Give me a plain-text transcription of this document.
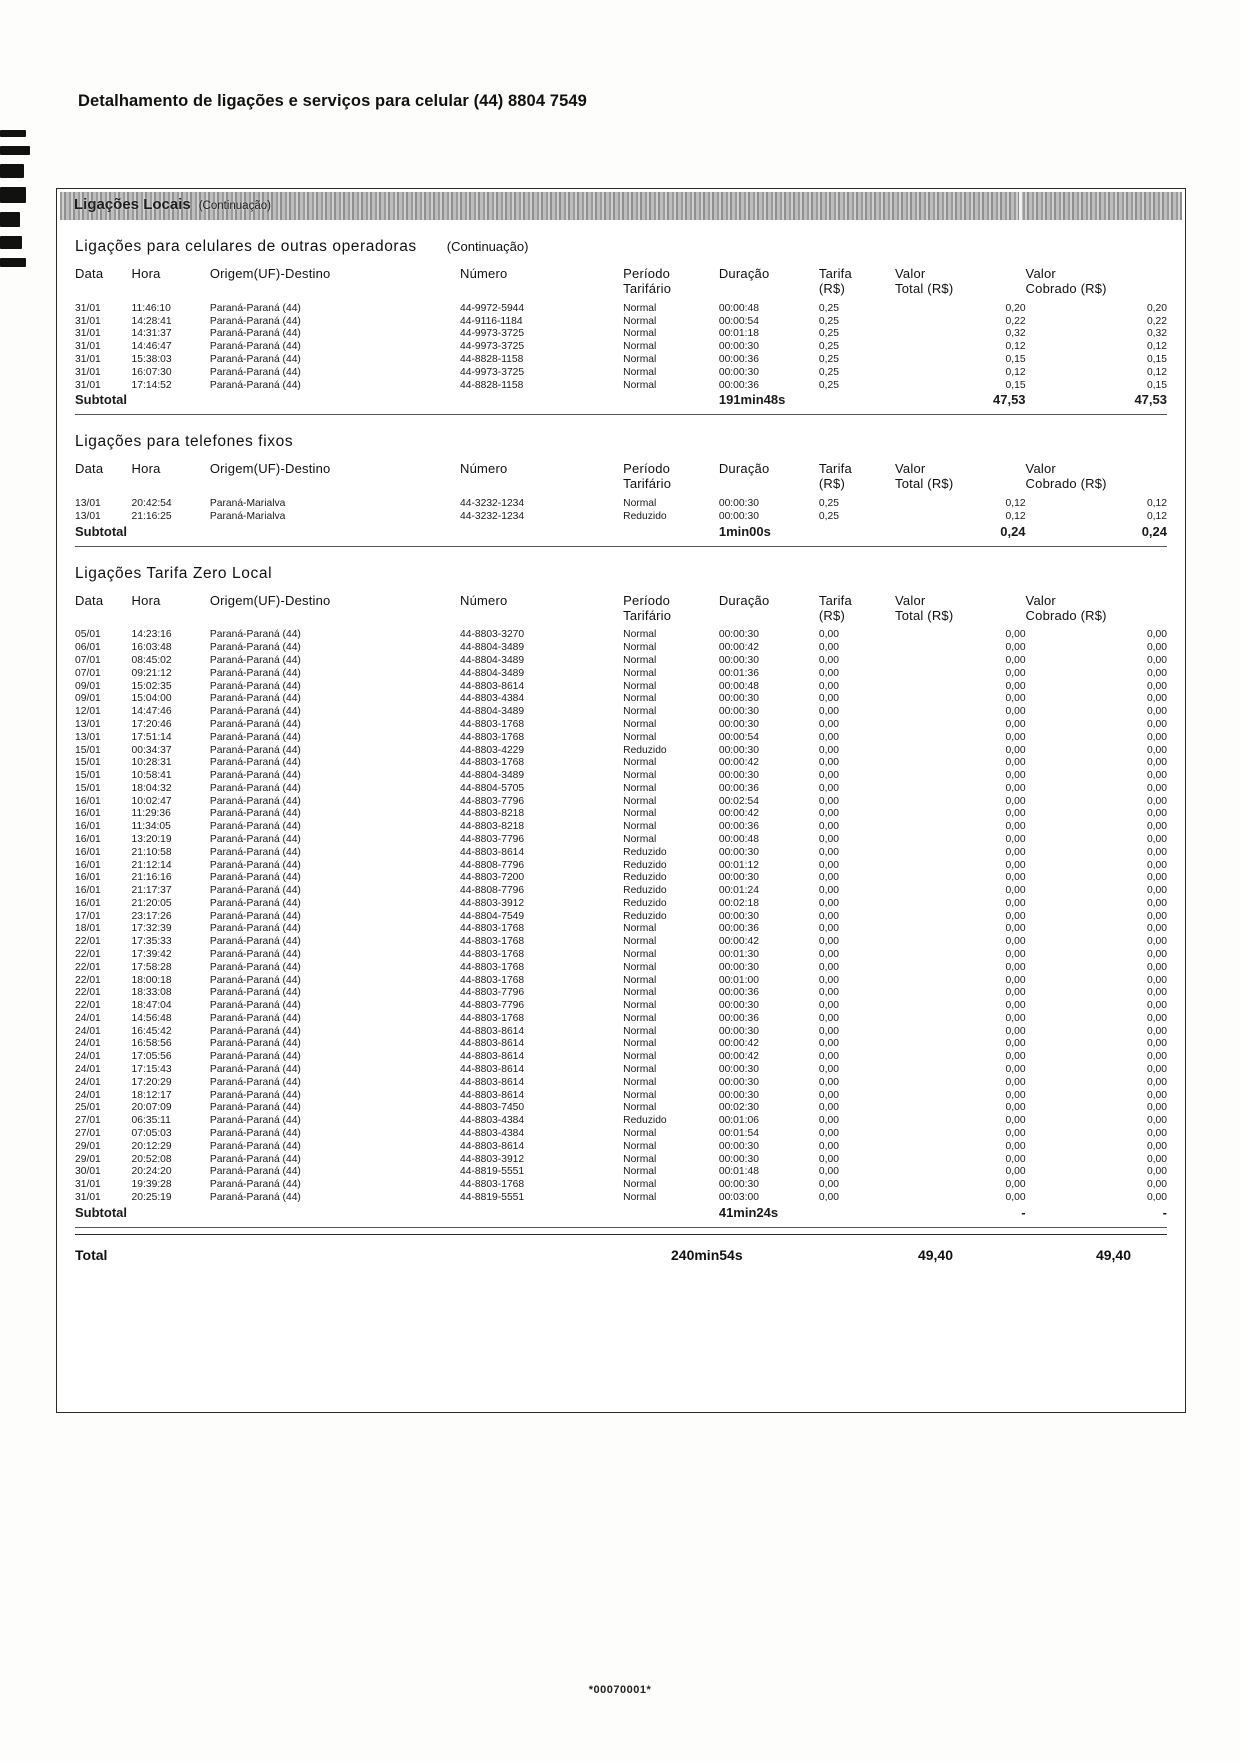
Detalhamento de ligações e serviços para celular (44) 8804 7549
Ligações Locais (Continuação)
Ligações para celulares de outras operadoras (Continuação)
Data	Hora	Origem(UF)-Destino	Número	Período
Tarifário	Duração	Tarifa
(R$)	Valor
Total (R$)	Valor
Cobrado (R$)

31/01	11:46:10	Paraná-Paraná (44)	44-9972-5944	Normal	00:00:48	0,25	0,20	0,20
31/01	14:28:41	Paraná-Paraná (44)	44-9116-1184	Normal	00:00:54	0,25	0,22	0,22
31/01	14:31:37	Paraná-Paraná (44)	44-9973-3725	Normal	00:01:18	0,25	0,32	0,32
31/01	14:46:47	Paraná-Paraná (44)	44-9973-3725	Normal	00:00:30	0,25	0,12	0,12
31/01	15:38:03	Paraná-Paraná (44)	44-8828-1158	Normal	00:00:36	0,25	0,15	0,15
31/01	16:07:30	Paraná-Paraná (44)	44-9973-3725	Normal	00:00:30	0,25	0,12	0,12
31/01	17:14:52	Paraná-Paraná (44)	44-8828-1158	Normal	00:00:36	0,25	0,15	0,15
Subtotal					191min48s		47,53	47,53
Ligações para telefones fixos
Data	Hora	Origem(UF)-Destino	Número	Período
Tarifário	Duração	Tarifa
(R$)	Valor
Total (R$)	Valor
Cobrado (R$)

13/01	20:42:54	Paraná-Marialva	44-3232-1234	Normal	00:00:30	0,25	0,12	0,12
13/01	21:16:25	Paraná-Marialva	44-3232-1234	Reduzido	00:00:30	0,25	0,12	0,12
Subtotal					1min00s		0,24	0,24
Ligações Tarifa Zero Local
Data	Hora	Origem(UF)-Destino	Número	Período
Tarifário	Duração	Tarifa
(R$)	Valor
Total (R$)	Valor
Cobrado (R$)

05/01	14:23:16	Paraná-Paraná (44)	44-8803-3270	Normal	00:00:30	0,00	0,00	0,00
06/01	16:03:48	Paraná-Paraná (44)	44-8804-3489	Normal	00:00:42	0,00	0,00	0,00
07/01	08:45:02	Paraná-Paraná (44)	44-8804-3489	Normal	00:00:30	0,00	0,00	0,00
07/01	09:21:12	Paraná-Paraná (44)	44-8804-3489	Normal	00:01:36	0,00	0,00	0,00
09/01	15:02:35	Paraná-Paraná (44)	44-8803-8614	Normal	00:00:48	0,00	0,00	0,00
09/01	15:04:00	Paraná-Paraná (44)	44-8803-4384	Normal	00:00:30	0,00	0,00	0,00
12/01	14:47:46	Paraná-Paraná (44)	44-8804-3489	Normal	00:00:30	0,00	0,00	0,00
13/01	17:20:46	Paraná-Paraná (44)	44-8803-1768	Normal	00:00:30	0,00	0,00	0,00
13/01	17:51:14	Paraná-Paraná (44)	44-8803-1768	Normal	00:00:54	0,00	0,00	0,00
15/01	00:34:37	Paraná-Paraná (44)	44-8803-4229	Reduzido	00:00:30	0,00	0,00	0,00
15/01	10:28:31	Paraná-Paraná (44)	44-8803-1768	Normal	00:00:42	0,00	0,00	0,00
15/01	10:58:41	Paraná-Paraná (44)	44-8804-3489	Normal	00:00:30	0,00	0,00	0,00
15/01	18:04:32	Paraná-Paraná (44)	44-8804-5705	Normal	00:00:36	0,00	0,00	0,00
16/01	10:02:47	Paraná-Paraná (44)	44-8803-7796	Normal	00:02:54	0,00	0,00	0,00
16/01	11:29:36	Paraná-Paraná (44)	44-8803-8218	Normal	00:00:42	0,00	0,00	0,00
16/01	11:34:05	Paraná-Paraná (44)	44-8803-8218	Normal	00:00:36	0,00	0,00	0,00
16/01	13:20:19	Paraná-Paraná (44)	44-8803-7796	Normal	00:00:48	0,00	0,00	0,00
16/01	21:10:58	Paraná-Paraná (44)	44-8803-8614	Reduzido	00:00:30	0,00	0,00	0,00
16/01	21:12:14	Paraná-Paraná (44)	44-8808-7796	Reduzido	00:01:12	0,00	0,00	0,00
16/01	21:16:16	Paraná-Paraná (44)	44-8803-7200	Reduzido	00:00:30	0,00	0,00	0,00
16/01	21:17:37	Paraná-Paraná (44)	44-8808-7796	Reduzido	00:01:24	0,00	0,00	0,00
16/01	21:20:05	Paraná-Paraná (44)	44-8803-3912	Reduzido	00:02:18	0,00	0,00	0,00
17/01	23:17:26	Paraná-Paraná (44)	44-8804-7549	Reduzido	00:00:30	0,00	0,00	0,00
18/01	17:32:39	Paraná-Paraná (44)	44-8803-1768	Normal	00:00:36	0,00	0,00	0,00
22/01	17:35:33	Paraná-Paraná (44)	44-8803-1768	Normal	00:00:42	0,00	0,00	0,00
22/01	17:39:42	Paraná-Paraná (44)	44-8803-1768	Normal	00:01:30	0,00	0,00	0,00
22/01	17:58:28	Paraná-Paraná (44)	44-8803-1768	Normal	00:00:30	0,00	0,00	0,00
22/01	18:00:18	Paraná-Paraná (44)	44-8803-1768	Normal	00:01:00	0,00	0,00	0,00
22/01	18:33:08	Paraná-Paraná (44)	44-8803-7796	Normal	00:00:36	0,00	0,00	0,00
22/01	18:47:04	Paraná-Paraná (44)	44-8803-7796	Normal	00:00:30	0,00	0,00	0,00
24/01	14:56:48	Paraná-Paraná (44)	44-8803-1768	Normal	00:00:36	0,00	0,00	0,00
24/01	16:45:42	Paraná-Paraná (44)	44-8803-8614	Normal	00:00:30	0,00	0,00	0,00
24/01	16:58:56	Paraná-Paraná (44)	44-8803-8614	Normal	00:00:42	0,00	0,00	0,00
24/01	17:05:56	Paraná-Paraná (44)	44-8803-8614	Normal	00:00:42	0,00	0,00	0,00
24/01	17:15:43	Paraná-Paraná (44)	44-8803-8614	Normal	00:00:30	0,00	0,00	0,00
24/01	17:20:29	Paraná-Paraná (44)	44-8803-8614	Normal	00:00:30	0,00	0,00	0,00
24/01	18:12:17	Paraná-Paraná (44)	44-8803-8614	Normal	00:00:30	0,00	0,00	0,00
25/01	20:07:09	Paraná-Paraná (44)	44-8803-7450	Normal	00:02:30	0,00	0,00	0,00
27/01	06:35:11	Paraná-Paraná (44)	44-8803-4384	Reduzido	00:01:06	0,00	0,00	0,00
27/01	07:05:03	Paraná-Paraná (44)	44-8803-4384	Normal	00:01:54	0,00	0,00	0,00
29/01	20:12:29	Paraná-Paraná (44)	44-8803-8614	Normal	00:00:30	0,00	0,00	0,00
29/01	20:52:08	Paraná-Paraná (44)	44-8803-3912	Normal	00:00:30	0,00	0,00	0,00
30/01	20:24:20	Paraná-Paraná (44)	44-8819-5551	Normal	00:01:48	0,00	0,00	0,00
31/01	19:39:28	Paraná-Paraná (44)	44-8803-1768	Normal	00:00:30	0,00	0,00	0,00
31/01	20:25:19	Paraná-Paraná (44)	44-8819-5551	Normal	00:03:00	0,00	0,00	0,00
Subtotal					41min24s		-	-
Total	240min54s	49,40	49,40
*00070001*
